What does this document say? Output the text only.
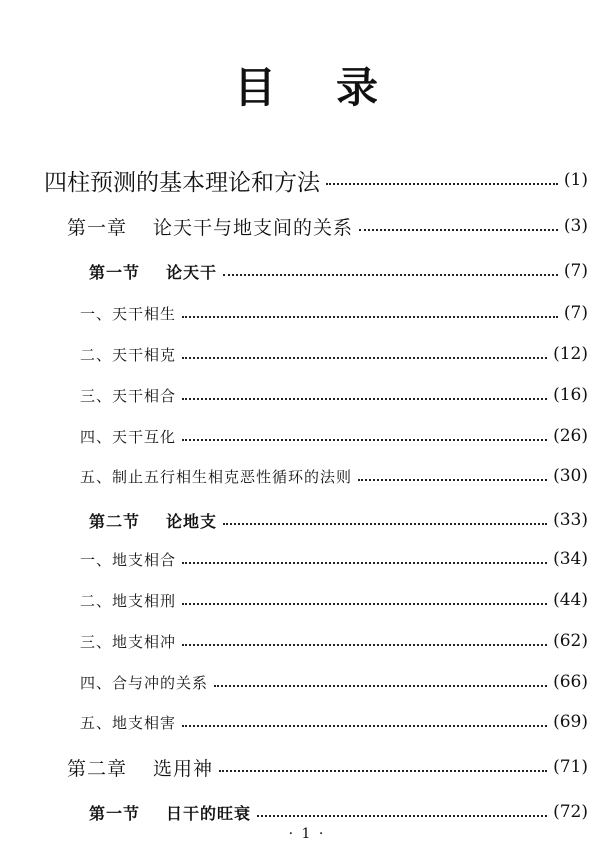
目 录
四柱预测的基本理论和方法	(1)
第一章 论天干与地支间的关系	(3)
第一节 论天干	(7)
一、天干相生	(7)
二、天干相克	(12)
三、天干相合	(16)
四、天干互化	(26)
五、制止五行相生相克恶性循环的法则	(30)
第二节 论地支	(33)
一、地支相合	(34)
二、地支相刑	(44)
三、地支相冲	(62)
四、合与冲的关系	(66)
五、地支相害	(69)
第二章 选用神	(71)
第一节 日干的旺衰	(72)
· 1 ·
